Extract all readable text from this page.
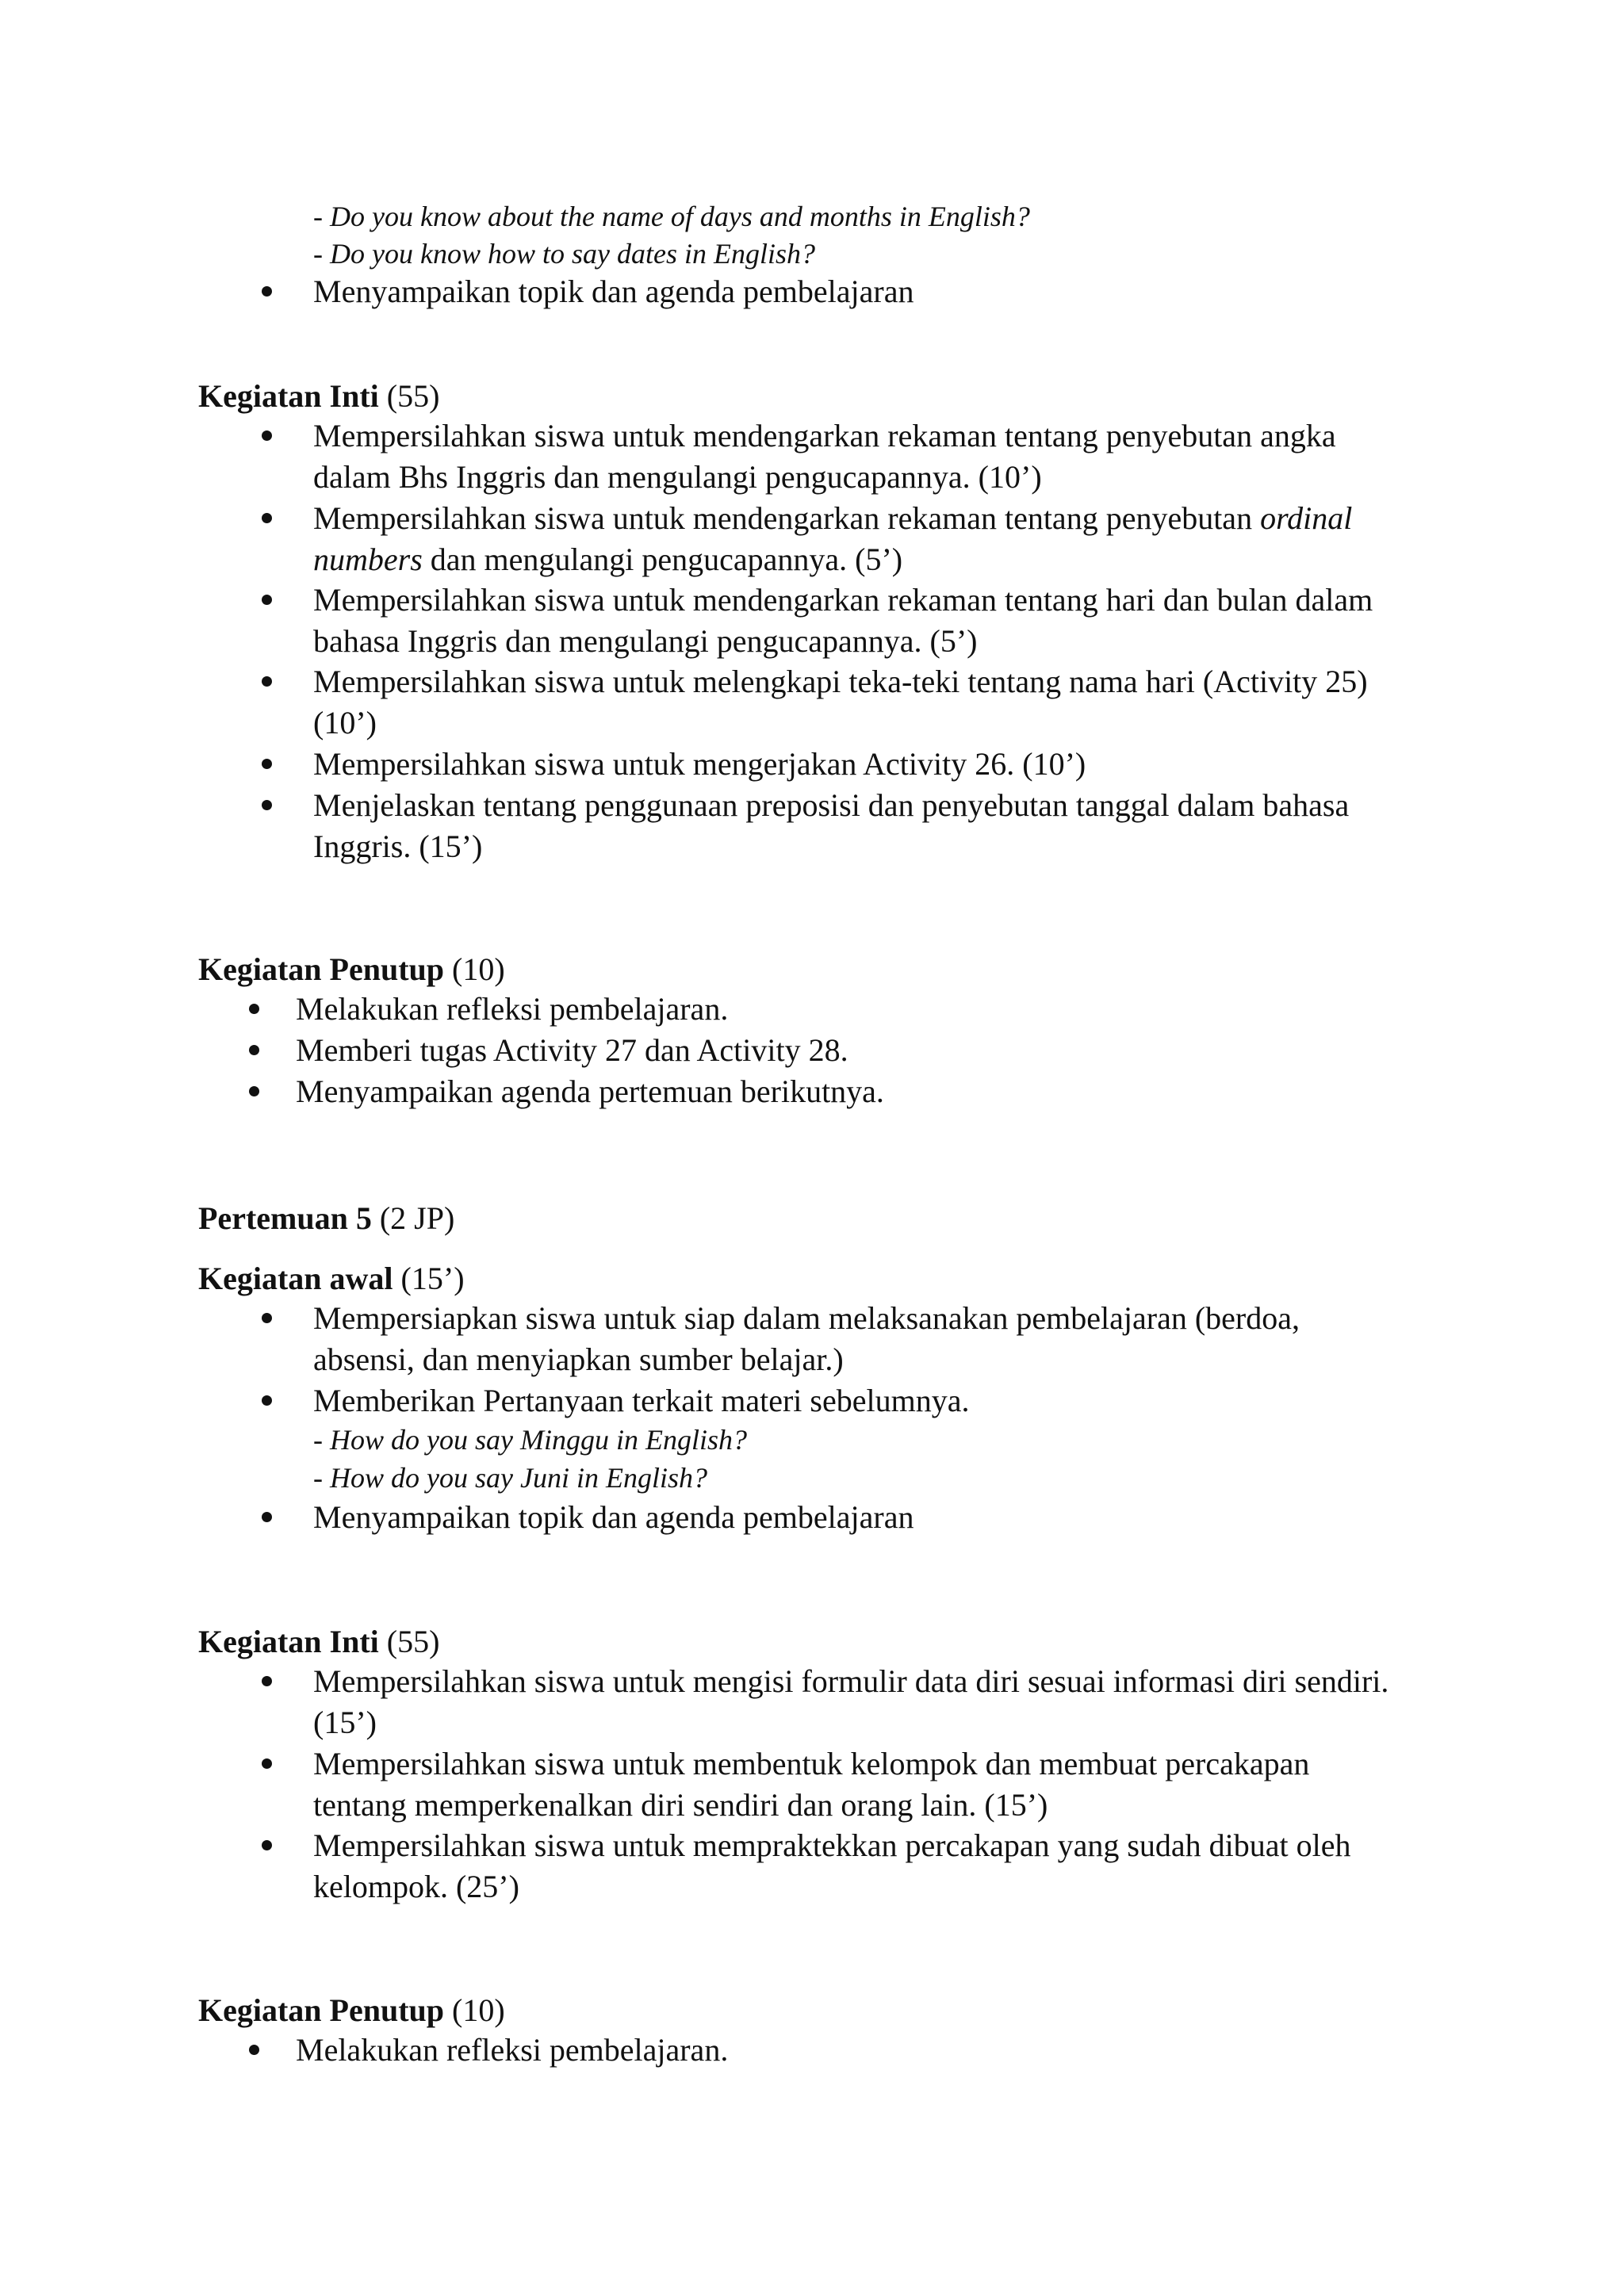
- Do you know about the name of days and months in English?
- Do you know how to say dates in English?
Menyampaikan topik dan agenda pembelajaran
Kegiatan Inti (55)
Mempersilahkan siswa untuk mendengarkan rekaman tentang penyebutan angka
dalam Bhs Inggris dan mengulangi pengucapannya. (10’)
Mempersilahkan siswa untuk mendengarkan rekaman tentang penyebutan ordinal
numbers dan mengulangi pengucapannya. (5’)
Mempersilahkan siswa untuk mendengarkan rekaman tentang hari dan bulan dalam
bahasa Inggris dan mengulangi pengucapannya. (5’)
Mempersilahkan siswa untuk melengkapi teka-teki tentang nama hari (Activity 25)
(10’)
Mempersilahkan siswa untuk mengerjakan Activity 26. (10’)
Menjelaskan tentang penggunaan preposisi dan penyebutan tanggal dalam bahasa
Inggris. (15’)
Kegiatan Penutup (10)
Melakukan refleksi pembelajaran.
Memberi tugas Activity 27 dan Activity 28.
Menyampaikan agenda pertemuan berikutnya.
Pertemuan 5 (2 JP)
Kegiatan awal (15’)
Mempersiapkan siswa untuk siap dalam melaksanakan pembelajaran (berdoa,
absensi, dan menyiapkan sumber belajar.)
Memberikan Pertanyaan terkait materi sebelumnya.
- How do you say Minggu in English?
- How do you say Juni in English?
Menyampaikan topik dan agenda pembelajaran
Kegiatan Inti (55)
Mempersilahkan siswa untuk mengisi formulir data diri sesuai informasi diri sendiri.
(15’)
Mempersilahkan siswa untuk membentuk kelompok dan membuat percakapan
tentang memperkenalkan diri sendiri dan orang lain. (15’)
Mempersilahkan siswa untuk mempraktekkan percakapan yang sudah dibuat oleh
kelompok. (25’)
Kegiatan Penutup (10)
Melakukan refleksi pembelajaran.
